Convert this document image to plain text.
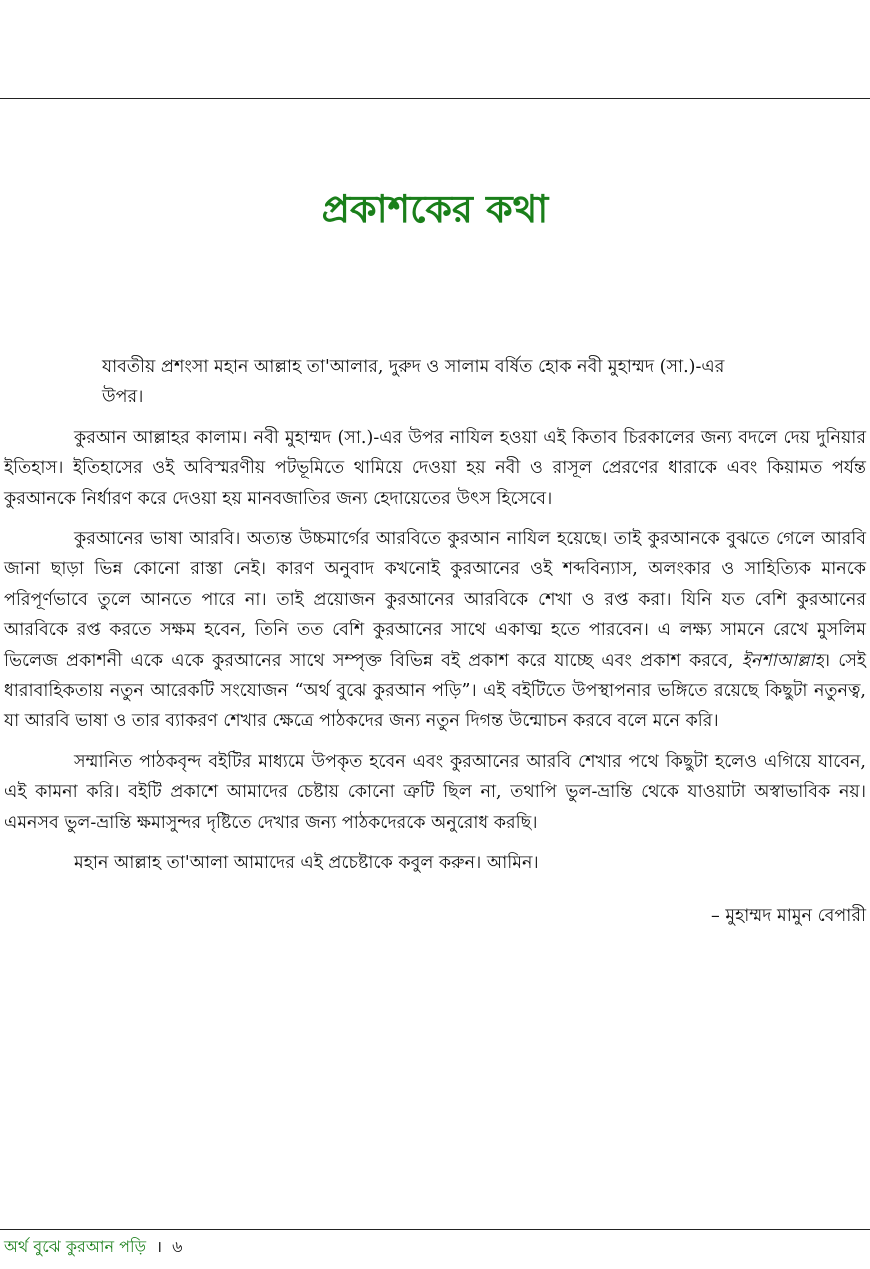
প্রকাশকের কথা

যাবতীয় প্রশংসা মহান আল্লাহ তা'আলার, দুরুদ ও সালাম বর্ষিত হোক নবী মুহাম্মদ (সা.)-এর উপর।

কুরআন আল্লাহর কালাম। নবী মুহাম্মদ (সা.)-এর উপর নাযিল হওয়া এই কিতাব চিরকালের জন্য বদলে দেয় দুনিয়ার ইতিহাস। ইতিহাসের ওই অবিস্মরণীয় পটভূমিতে থামিয়ে দেওয়া হয় নবী ও রাসূল প্রেরণের ধারাকে এবং কিয়ামত পর্যন্ত কুরআনকে নির্ধারণ করে দেওয়া হয় মানবজাতির জন্য হেদায়েতের উৎস হিসেবে।

কুরআনের ভাষা আরবি। অত্যন্ত উচ্চমার্গের আরবিতে কুরআন নাযিল হয়েছে। তাই কুরআনকে বুঝতে গেলে আরবি জানা ছাড়া ভিন্ন কোনো রাস্তা নেই। কারণ অনুবাদ কখনোই কুরআনের ওই শব্দবিন্যাস, অলংকার ও সাহিত্যিক মানকে পরিপূর্ণভাবে তুলে আনতে পারে না। তাই প্রয়োজন কুরআনের আরবিকে শেখা ও রপ্ত করা। যিনি যত বেশি কুরআনের আরবিকে রপ্ত করতে সক্ষম হবেন, তিনি তত বেশি কুরআনের সাথে একাত্ম হতে পারবেন। এ লক্ষ্য সামনে রেখে মুসলিম ভিলেজ প্রকাশনী একে একে কুরআনের সাথে সম্পৃক্ত বিভিন্ন বই প্রকাশ করে যাচ্ছে এবং প্রকাশ করবে, ইনশাআল্লাহ। সেই ধারাবাহিকতায় নতুন আরেকটি সংযোজন “অর্থ বুঝে কুরআন পড়ি”। এই বইটিতে উপস্থাপনার ভঙ্গিতে রয়েছে কিছুটা নতুনত্ব, যা আরবি ভাষা ও তার ব্যাকরণ শেখার ক্ষেত্রে পাঠকদের জন্য নতুন দিগন্ত উন্মোচন করবে বলে মনে করি।

সম্মানিত পাঠকবৃন্দ বইটির মাধ্যমে উপকৃত হবেন এবং কুরআনের আরবি শেখার পথে কিছুটা হলেও এগিয়ে যাবেন, এই কামনা করি। বইটি প্রকাশে আমাদের চেষ্টায় কোনো ত্রুটি ছিল না, তথাপি ভুল-ভ্রান্তি থেকে যাওয়াটা অস্বাভাবিক নয়। এমনসব ভুল-ভ্রান্তি ক্ষমাসুন্দর দৃষ্টিতে দেখার জন্য পাঠকদেরকে অনুরোধ করছি।

মহান আল্লাহ তা'আলা আমাদের এই প্রচেষ্টাকে কবুল করুন। আমিন।

– মুহাম্মদ মামুন বেপারী

অর্থ বুঝে কুরআন পড়ি । ৬
